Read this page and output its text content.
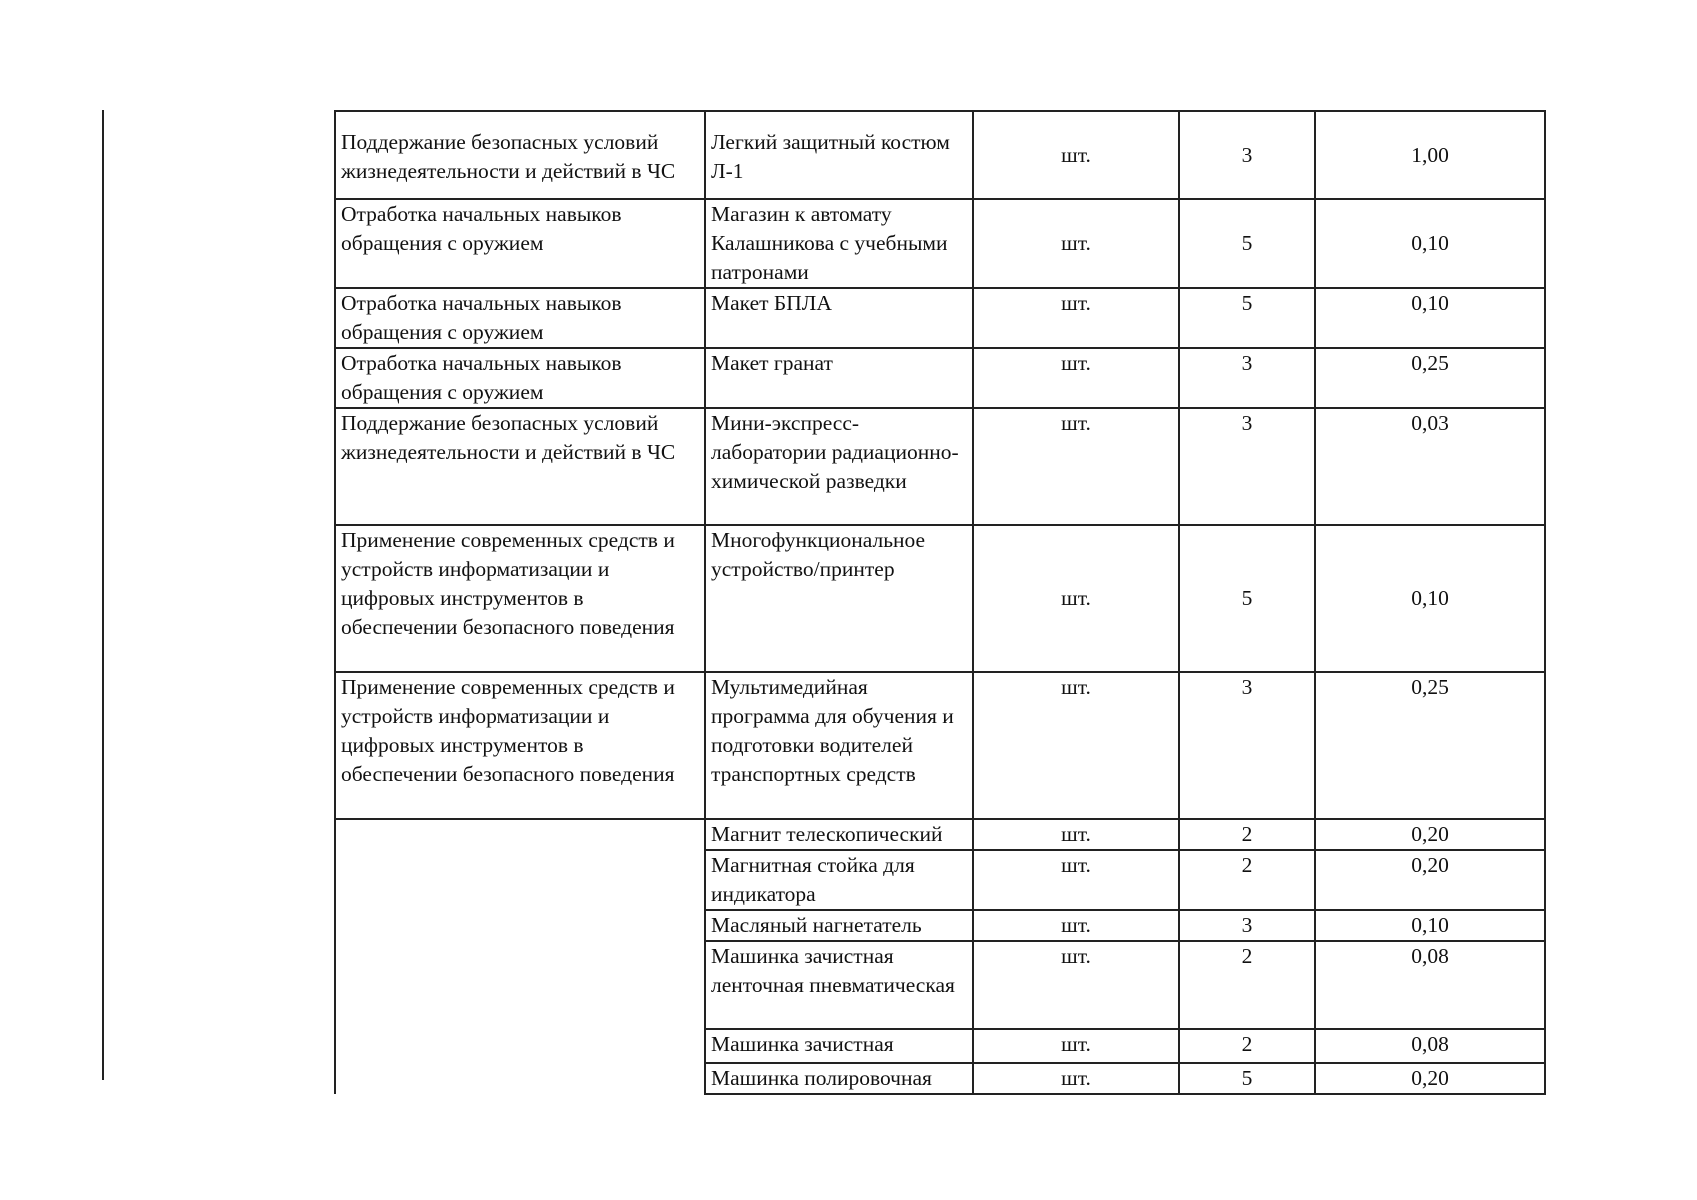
Поддержание безопасных условий жизнедеятельности и действий в ЧС	Легкий защитный костюм Л-1	шт.	3	1,00
Отработка начальных навыков обращения с оружием	Магазин к автомату Калашникова с учебными патронами	шт.	5	0,10
Отработка начальных навыков обращения с оружием	Макет БПЛА	шт.	5	0,10
Отработка начальных навыков обращения с оружием	Макет гранат	шт.	3	0,25
Поддержание безопасных условий жизнедеятельности и действий в ЧС	Мини-экспресс-лаборатории радиационно-химической разведки	шт.	3	0,03
Применение современных средств и устройств информатизации и цифровых инструментов в обеспечении безопасного поведения	Многофункциональное устройство/принтер	шт.	5	0,10
Применение современных средств и устройств информатизации и цифровых инструментов в обеспечении безопасного поведения	Мультимедийная программа для обучения и подготовки водителей транспортных средств	шт.	3	0,25
	Магнит телескопический	шт.	2	0,20
	Магнитная стойка для индикатора	шт.	2	0,20
	Масляный нагнетатель	шт.	3	0,10
	Машинка зачистная ленточная пневматическая	шт.	2	0,08
	Машинка зачистная	шт.	2	0,08
	Машинка полировочная	шт.	5	0,20
